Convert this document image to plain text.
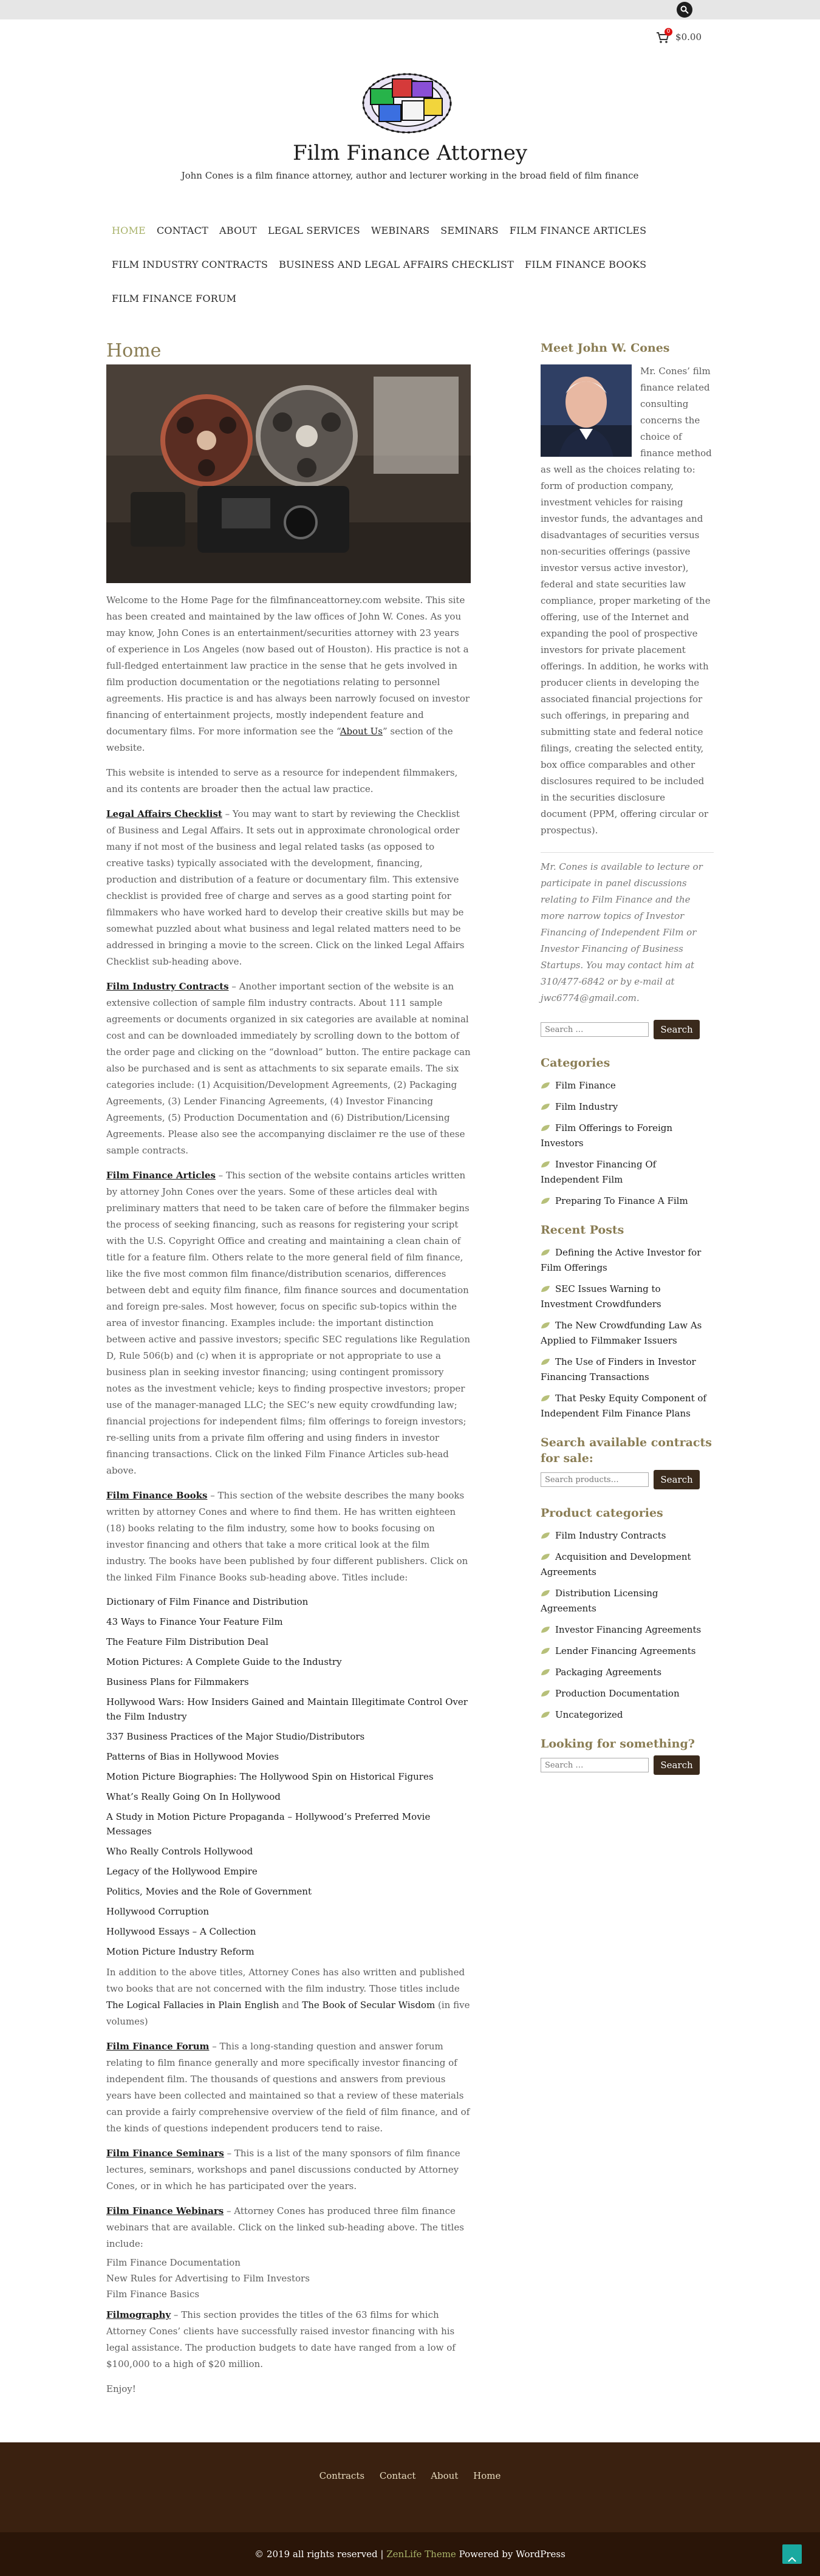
0
$0.00
Film Finance Attorney
John Cones is a film finance attorney, author and lecturer working in the broad field of film finance
HOME	CONTACT	ABOUT	LEGAL SERVICES	WEBINARS	SEMINARS	FILM FINANCE ARTICLES
FILM INDUSTRY CONTRACTS	BUSINESS AND LEGAL AFFAIRS CHECKLIST	FILM FINANCE BOOKS
FILM FINANCE FORUM
Home

Welcome to the Home Page for the filmfinanceattorney.com website. This site has been created and maintained by the law offices of John W. Cones. As you may know, John Cones is an entertainment/securities attorney with 23 years of experience in Los Angeles (now based out of Houston). His practice is not a full-fledged entertainment law practice in the sense that he gets involved in film production documentation or the negotiations relating to personnel agreements. His practice is and has always been narrowly focused on investor financing of entertainment projects, mostly independent feature and documentary films. For more information see the “About Us” section of the website.

This website is intended to serve as a resource for independent filmmakers, and its contents are broader then the actual law practice.

Legal Affairs Checklist – You may want to start by reviewing the Checklist of Business and Legal Affairs. It sets out in approximate chronological order many if not most of the business and legal related tasks (as opposed to creative tasks) typically associated with the development, financing, production and distribution of a feature or documentary film. This extensive checklist is provided free of charge and serves as a good starting point for filmmakers who have worked hard to develop their creative skills but may be somewhat puzzled about what business and legal related matters need to be addressed in bringing a movie to the screen. Click on the linked Legal Affairs Checklist sub-heading above.

Film Industry Contracts – Another important section of the website is an extensive collection of sample film industry contracts. About 111 sample agreements or documents organized in six categories are available at nominal cost and can be downloaded immediately by scrolling down to the bottom of the order page and clicking on the “download” button. The entire package can also be purchased and is sent as attachments to six separate emails. The six categories include: (1) Acquisition/Development Agreements, (2) Packaging Agreements, (3) Lender Financing Agreements, (4) Investor Financing Agreements, (5) Production Documentation and (6) Distribution/Licensing Agreements. Please also see the accompanying disclaimer re the use of these sample contracts.

Film Finance Articles – This section of the website contains articles written by attorney John Cones over the years. Some of these articles deal with preliminary matters that need to be taken care of before the filmmaker begins the process of seeking financing, such as reasons for registering your script with the U.S. Copyright Office and creating and maintaining a clean chain of title for a feature film. Others relate to the more general field of film finance, like the five most common film finance/distribution scenarios, differences between debt and equity film finance, film finance sources and documentation and foreign pre-sales. Most however, focus on specific sub-topics within the area of investor financing. Examples include: the important distinction between active and passive investors; specific SEC regulations like Regulation D, Rule 506(b) and (c) when it is appropriate or not appropriate to use a business plan in seeking investor financing; using contingent promissory notes as the investment vehicle; keys to finding prospective investors; proper use of the manager-managed LLC; the SEC’s new equity crowdfunding law; financial projections for independent films; film offerings to foreign investors; re-selling units from a private film offering and using finders in investor financing transactions. Click on the linked Film Finance Articles sub-head above.

Film Finance Books – This section of the website describes the many books written by attorney Cones and where to find them. He has written eighteen (18) books relating to the film industry, some how to books focusing on investor financing and others that take a more critical look at the film industry. The books have been published by four different publishers. Click on the linked Film Finance Books sub-heading above. Titles include:

Dictionary of Film Finance and Distribution
43 Ways to Finance Your Feature Film
The Feature Film Distribution Deal
Motion Pictures: A Complete Guide to the Industry
Business Plans for Filmmakers
Hollywood Wars: How Insiders Gained and Maintain Illegitimate Control Over the Film Industry
337 Business Practices of the Major Studio/Distributors
Patterns of Bias in Hollywood Movies
Motion Picture Biographies: The Hollywood Spin on Historical Figures
What’s Really Going On In Hollywood
A Study in Motion Picture Propaganda – Hollywood’s Preferred Movie Messages
Who Really Controls Hollywood
Legacy of the Hollywood Empire
Politics, Movies and the Role of Government
Hollywood Corruption
Hollywood Essays – A Collection
Motion Picture Industry Reform

In addition to the above titles, Attorney Cones has also written and published two books that are not concerned with the film industry. Those titles include The Logical Fallacies in Plain English and The Book of Secular Wisdom (in five volumes)

Film Finance Forum – This a long-standing question and answer forum relating to film finance generally and more specifically investor financing of independent film. The thousands of questions and answers from previous years have been collected and maintained so that a review of these materials can provide a fairly comprehensive overview of the field of film finance, and of the kinds of questions independent producers tend to raise.

Film Finance Seminars – This is a list of the many sponsors of film finance lectures, seminars, workshops and panel discussions conducted by Attorney Cones, or in which he has participated over the years.

Film Finance Webinars – Attorney Cones has produced three film finance webinars that are available. Click on the linked sub-heading above. The titles include:

Film Finance Documentation
New Rules for Advertising to Film Investors
Film Finance Basics

Filmography – This section provides the titles of the 63 films for which Attorney Cones’ clients have successfully raised investor financing with his legal assistance. The production budgets to date have ranged from a low of $100,000 to a high of $20 million.

Enjoy!

Meet John W. Cones
Mr. Cones’ film finance related consulting concerns the choice of finance method as well as the choices relating to: form of production company, investment vehicles for raising investor funds, the advantages and disadvantages of securities versus non-securities offerings (passive investor versus active investor), federal and state securities law compliance, proper marketing of the offering, use of the Internet and expanding the pool of prospective investors for private placement offerings. In addition, he works with producer clients in developing the associated financial projections for such offerings, in preparing and submitting state and federal notice filings, creating the selected entity, box office comparables and other disclosures required to be included in the securities disclosure document (PPM, offering circular or prospectus).
Mr. Cones is available to lecture or participate in panel discussions relating to Film Finance and the more narrow topics of Investor Financing of Independent Film or Investor Financing of Business Startups. You may contact him at 310/477-6842 or by e-mail at jwc6774@gmail.com.
Search …
Search
Categories
Film Finance
Film Industry
Film Offerings to Foreign Investors
Investor Financing Of Independent Film
Preparing To Finance A Film
Recent Posts
Defining the Active Investor for Film Offerings
SEC Issues Warning to Investment Crowdfunders
The New Crowdfunding Law As Applied to Filmmaker Issuers
The Use of Finders in Investor Financing Transactions
That Pesky Equity Component of Independent Film Finance Plans
Search available contracts for sale:
Search products…
Search
Product categories
Film Industry Contracts
Acquisition and Development Agreements
Distribution Licensing Agreements
Investor Financing Agreements
Lender Financing Agreements
Packaging Agreements
Production Documentation
Uncategorized
Looking for something?
Search …
Search
Contracts Contact About Home
© 2019 all rights reserved | ZenLife Theme Powered by WordPress
